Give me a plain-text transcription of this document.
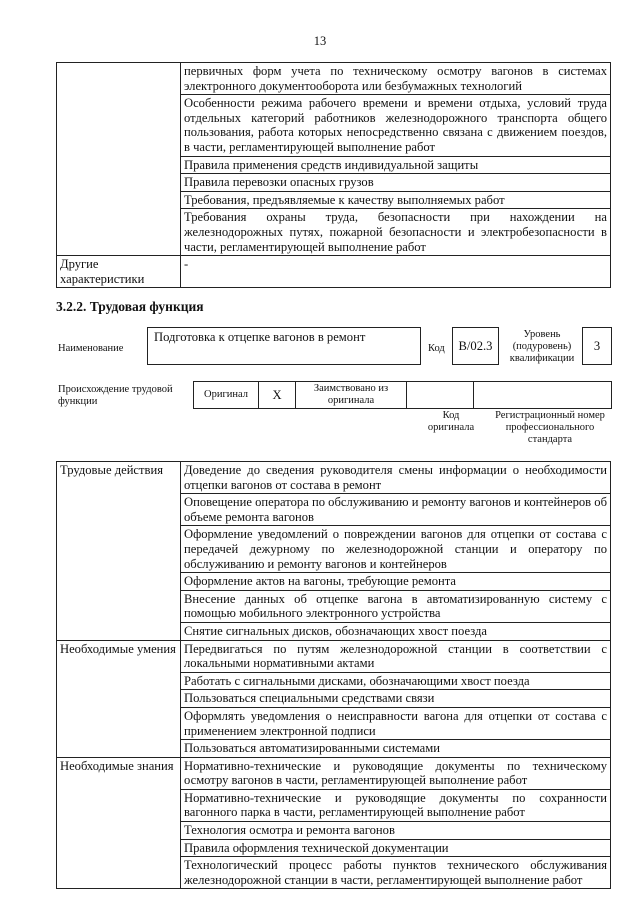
13
	первичных форм учета по техническому осмотру вагонов в системах электронного документооборота или безбумажных технологий
	Особенности режима рабочего времени и времени отдыха, условий труда отдельных категорий работников железнодорожного транспорта общего пользования, работа которых непосредственно связана с движением поездов, в части, регламентирующей выполнение работ
	Правила применения средств индивидуальной защиты
	Правила перевозки опасных грузов
	Требования, предъявляемые к качеству выполняемых работ
	Требования охраны труда, безопасности при нахождении на железнодорожных путях, пожарной безопасности и электробезопасности в части, регламентирующей выполнение работ
Другие характеристики	-
3.2.2. Трудовая функция
Наименование
Подготовка к отцепке вагонов в ремонт
Код	B/02.3
Уровень (подуровень) квалификации
3
Происхождение трудовой функции
Оригинал	X	Заимствовано из оригинала		
Код оригинала
Регистрационный номер профессионального стандарта
Трудовые действия	Доведение до сведения руководителя смены информации о необходимости отцепки вагонов от состава в ремонт
	Оповещение оператора по обслуживанию и ремонту вагонов и контейнеров об объеме ремонта вагонов
	Оформление уведомлений о повреждении вагонов для отцепки от состава с передачей дежурному по железнодорожной станции и оператору по обслуживанию и ремонту вагонов и контейнеров
	Оформление актов на вагоны, требующие ремонта
	Внесение данных об отцепке вагона в автоматизированную систему с помощью мобильного электронного устройства
	Снятие сигнальных дисков, обозначающих хвост поезда
Необходимые умения	Передвигаться по путям железнодорожной станции в соответствии с локальными нормативными актами
	Работать с сигнальными дисками, обозначающими хвост поезда
	Пользоваться специальными средствами связи
	Оформлять уведомления о неисправности вагона для отцепки от состава с применением электронной подписи
	Пользоваться автоматизированными системами
Необходимые знания	Нормативно-технические и руководящие документы по техническому осмотру вагонов в части, регламентирующей выполнение работ
	Нормативно-технические и руководящие документы по сохранности вагонного парка в части, регламентирующей выполнение работ
	Технология осмотра и ремонта вагонов
	Правила оформления технической документации
	Технологический процесс работы пунктов технического обслуживания железнодорожной станции в части, регламентирующей выполнение работ
